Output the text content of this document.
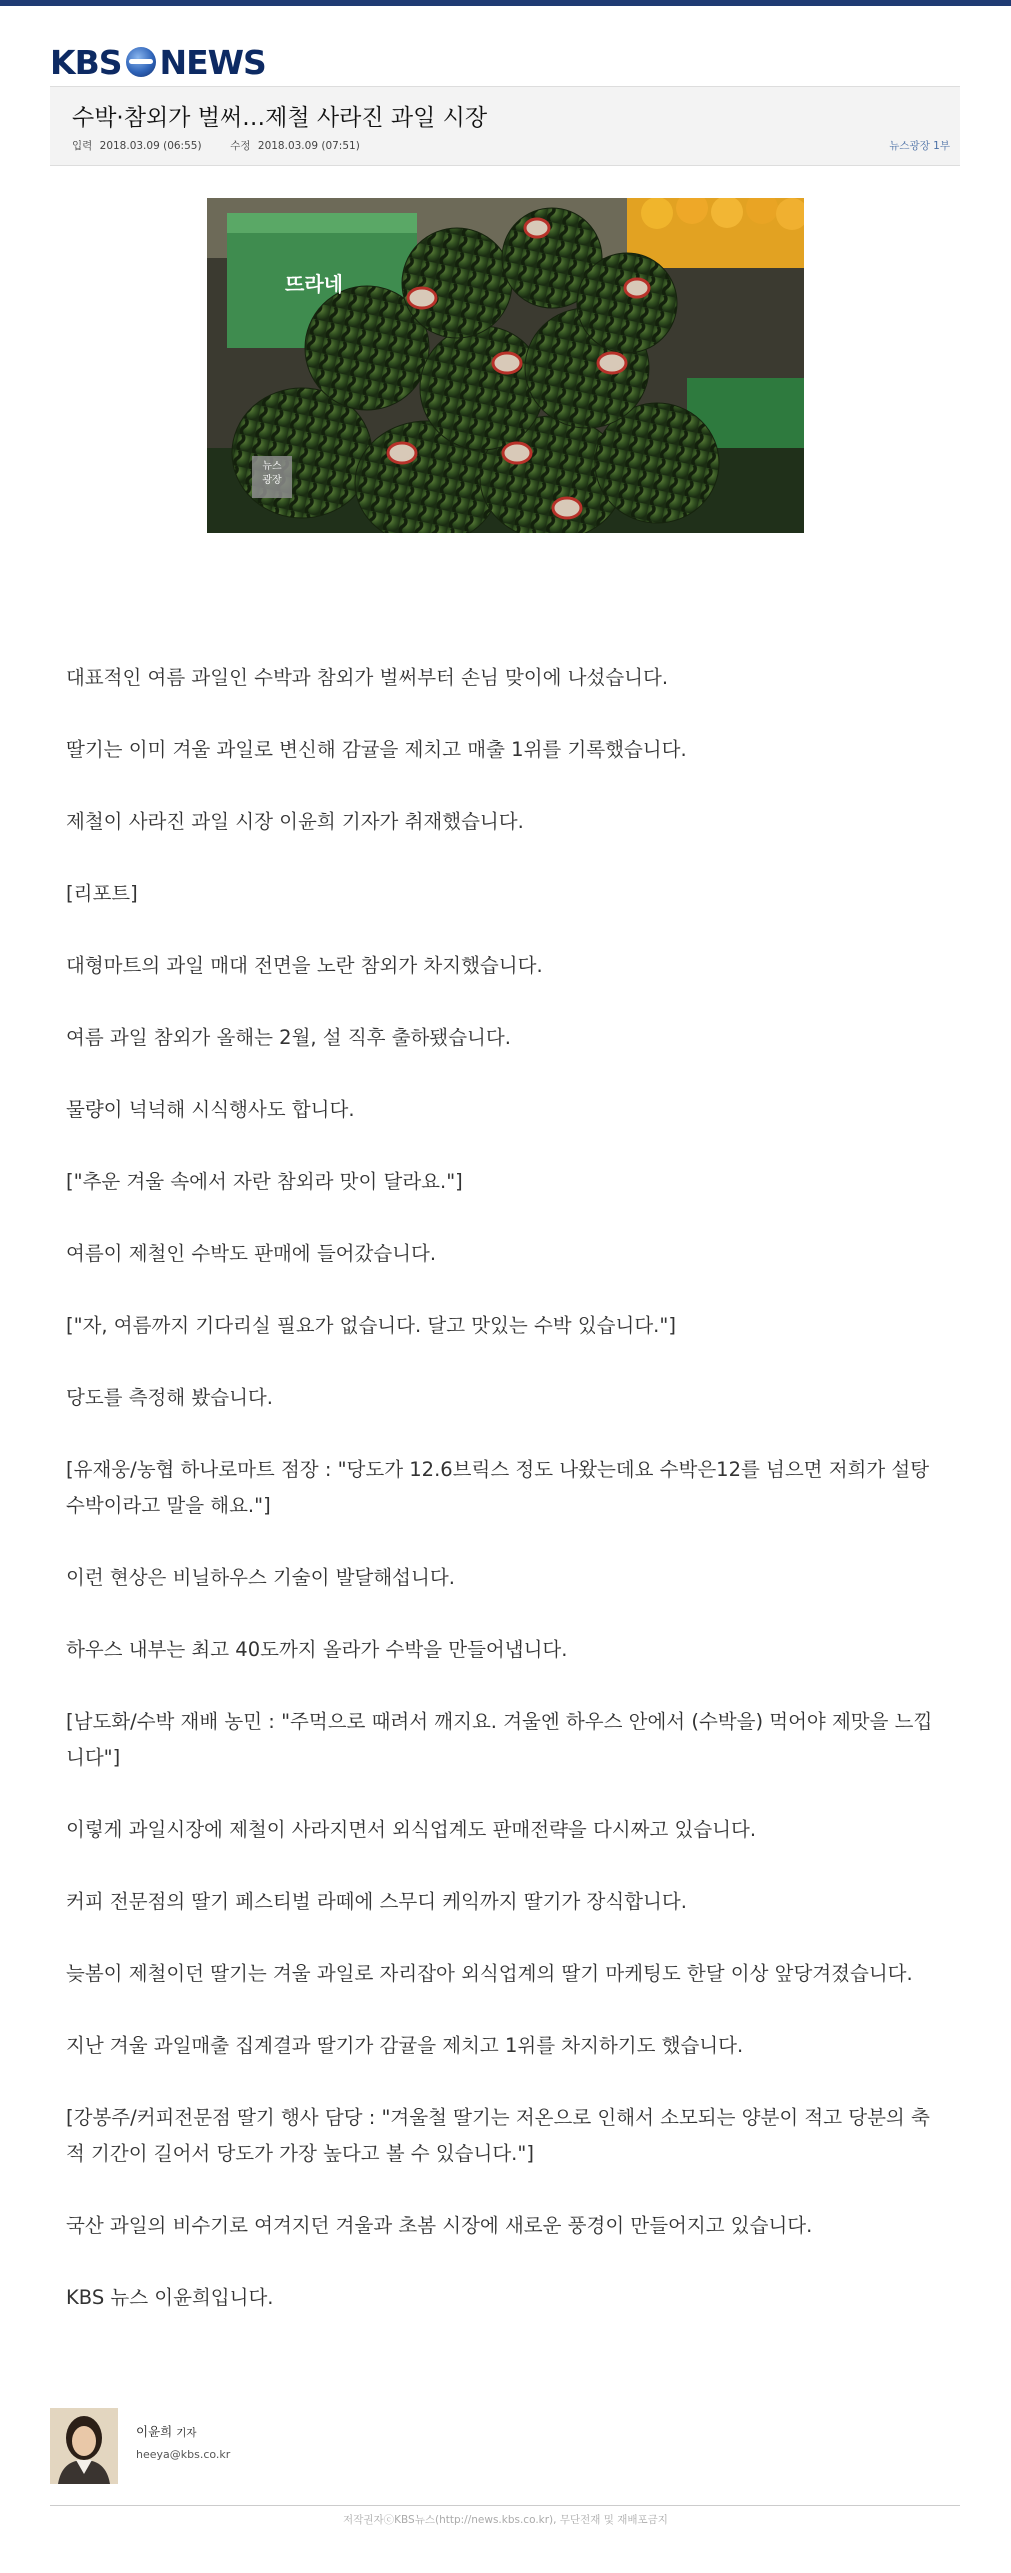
KBS NEWS
수박·참외가 벌써…제철 사라진 과일 시장
입력 2018.03.09 (06:55)	수정 2018.03.09 (07:51)	뉴스광장 1부
뜨라네
뉴스
광장

대표적인 여름 과일인 수박과 참외가 벌써부터 손님 맞이에 나섰습니다.

딸기는 이미 겨울 과일로 변신해 감귤을 제치고 매출 1위를 기록했습니다.

제철이 사라진 과일 시장 이윤희 기자가 취재했습니다.

[리포트]

대형마트의 과일 매대 전면을 노란 참외가 차지했습니다.

여름 과일 참외가 올해는 2월, 설 직후 출하됐습니다.

물량이 넉넉해 시식행사도 합니다.

["추운 겨울 속에서 자란 참외라 맛이 달라요."]

여름이 제철인 수박도 판매에 들어갔습니다.

["자, 여름까지 기다리실 필요가 없습니다. 달고 맛있는 수박 있습니다."]

당도를 측정해 봤습니다.

[유재웅/농협 하나로마트 점장 : "당도가 12.6브릭스 정도 나왔는데요 수박은12를 넘으면 저희가 설탕 수박이라고 말을 해요."]

이런 현상은 비닐하우스 기술이 발달해섭니다.

하우스 내부는 최고 40도까지 올라가 수박을 만들어냅니다.

[남도화/수박 재배 농민 : "주먹으로 때려서 깨지요. 겨울엔 하우스 안에서 (수박을) 먹어야 제맛을 느낍니다"]

이렇게 과일시장에 제철이 사라지면서 외식업계도 판매전략을 다시짜고 있습니다.

커피 전문점의 딸기 페스티벌 라떼에 스무디 케익까지 딸기가 장식합니다.

늦봄이 제철이던 딸기는 겨울 과일로 자리잡아 외식업계의 딸기 마케팅도 한달 이상 앞당겨졌습니다.

지난 겨울 과일매출 집계결과 딸기가 감귤을 제치고 1위를 차지하기도 했습니다.

[강봉주/커피전문점 딸기 행사 담당 : "겨울철 딸기는 저온으로 인해서 소모되는 양분이 적고 당분의 축적 기간이 길어서 당도가 가장 높다고 볼 수 있습니다."]

국산 과일의 비수기로 여겨지던 겨울과 초봄 시장에 새로운 풍경이 만들어지고 있습니다.

KBS 뉴스 이윤희입니다.

이윤희 기자
heeya@kbs.co.kr
저작권자ⓒKBS뉴스(http://news.kbs.co.kr), 무단전재 및 재배포금지
